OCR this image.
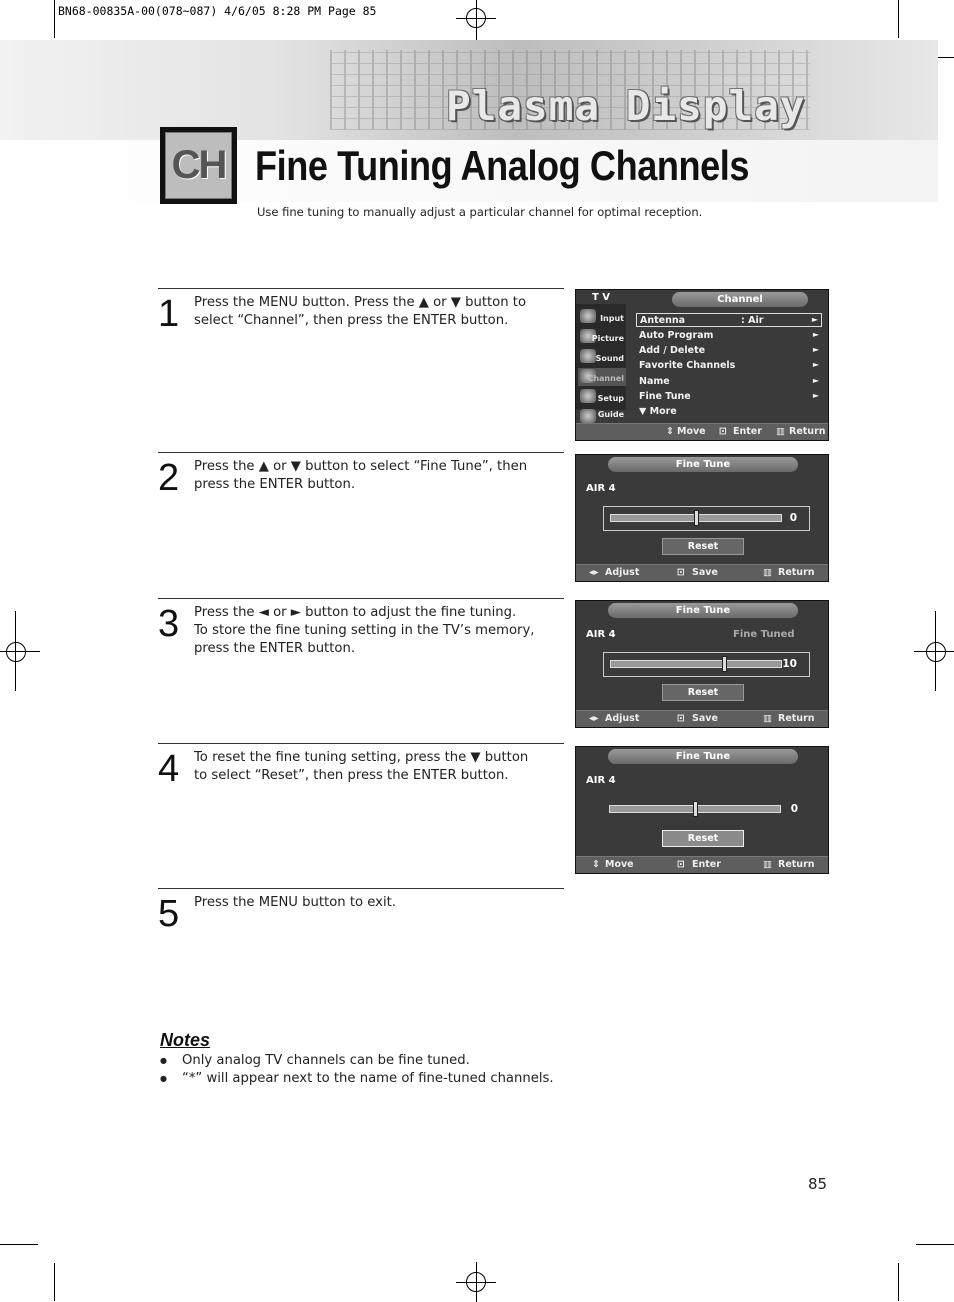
BN68-00835A-00(078~087) 4/6/05 8:28 PM Page 85
Plasma Display
CH Fine Tuning Analog Channels
Use fine tuning to manually adjust a particular channel for optimal reception.
1 Press the MENU button. Press the ▲ or ▼ button to select “Channel”, then press the ENTER button.
2 Press the ▲ or ▼ button to select “Fine Tune”, then press the ENTER button.
3 Press the ◄ or ► button to adjust the fine tuning.
To store the fine tuning setting in the TV’s memory, press the ENTER button.
4 To reset the fine tuning setting, press the ▼ button
to select “Reset”, then press the ENTER button.
5 Press the MENU button to exit.
T V	Channel
Input
Picture
Sound
Channel
Setup
Guide
Antenna	: Air	►
Auto Program	►
Add / Delete	►
Favorite Channels	►
Name	►
Fine Tune	►
▼ More
⇕ Move ⊡ Enter ▥ Return
Fine Tune
AIR 4
0
Reset
◂▸ Adjust	⊡ Save	▥ Return
Fine Tune
AIR 4	Fine Tuned
10
Reset
◂▸ Adjust	⊡ Save	▥ Return
Fine Tune
AIR 4
0
Reset
⇕ Move	⊡ Enter	▥ Return
Notes
● Only analog TV channels can be fine tuned.
● “*” will appear next to the name of fine-tuned channels.
85
